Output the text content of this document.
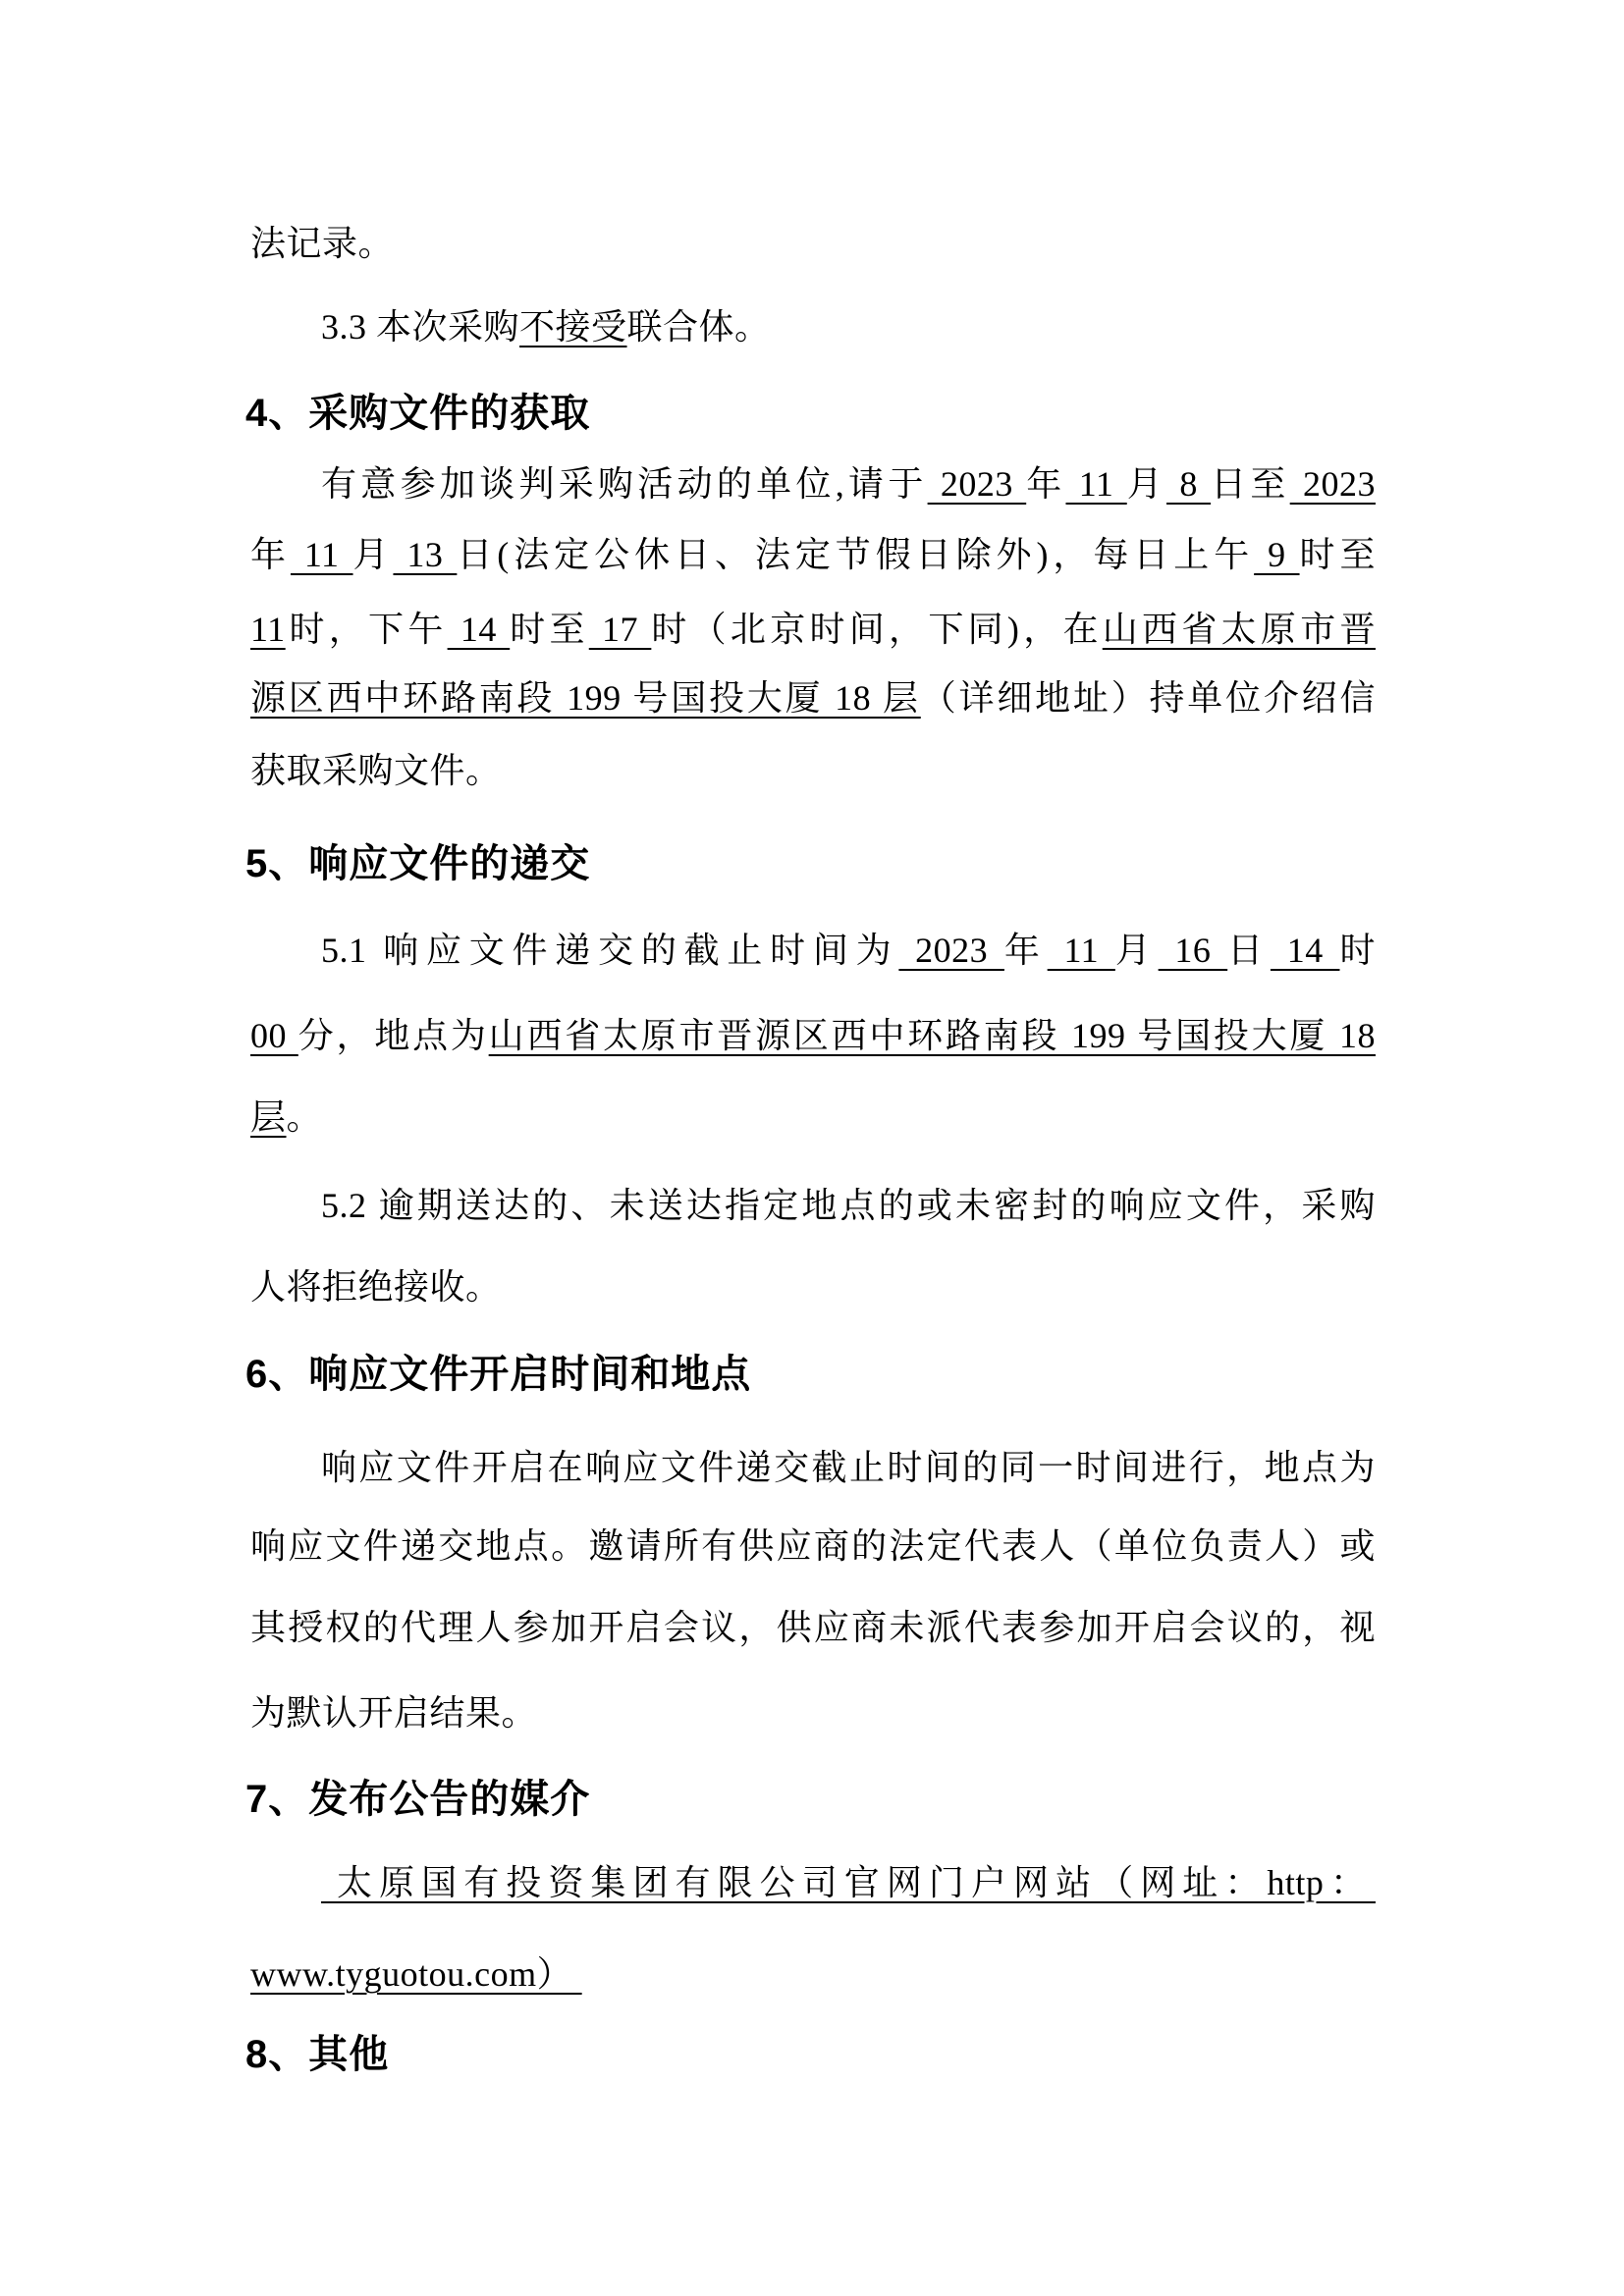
法记录。
3.3 本次采购不接受联合体。
4、采购文件的获取
有意参加谈判采购活动的单位,请于 2023 年 11 月 8 日至 2023
年 11 月 13 日(法定公休日、法定节假日除外)，每日上午 9 时至
11时，下午 14 时至 17 时（北京时间，下同)，在山西省太原市晋
源区西中环路南段 199 号国投大厦 18 层（详细地址）持单位介绍信
获取采购文件。
5、响应文件的递交
5.1 响应文件递交的截止时间为 2023 年 11 月 16 日 14 时
00 分，地点为山西省太原市晋源区西中环路南段 199 号国投大厦 18
层。
5.2 逾期送达的、未送达指定地点的或未密封的响应文件，采购
人将拒绝接收。
6、响应文件开启时间和地点
响应文件开启在响应文件递交截止时间的同一时间进行，地点为
响应文件递交地点。邀请所有供应商的法定代表人（单位负责人）或
其授权的代理人参加开启会议，供应商未派代表参加开启会议的，视
为默认开启结果。
7、发布公告的媒介
太原国有投资集团有限公司官网门户网站（网址：http：
www.tyguotou.com）
8、其他
